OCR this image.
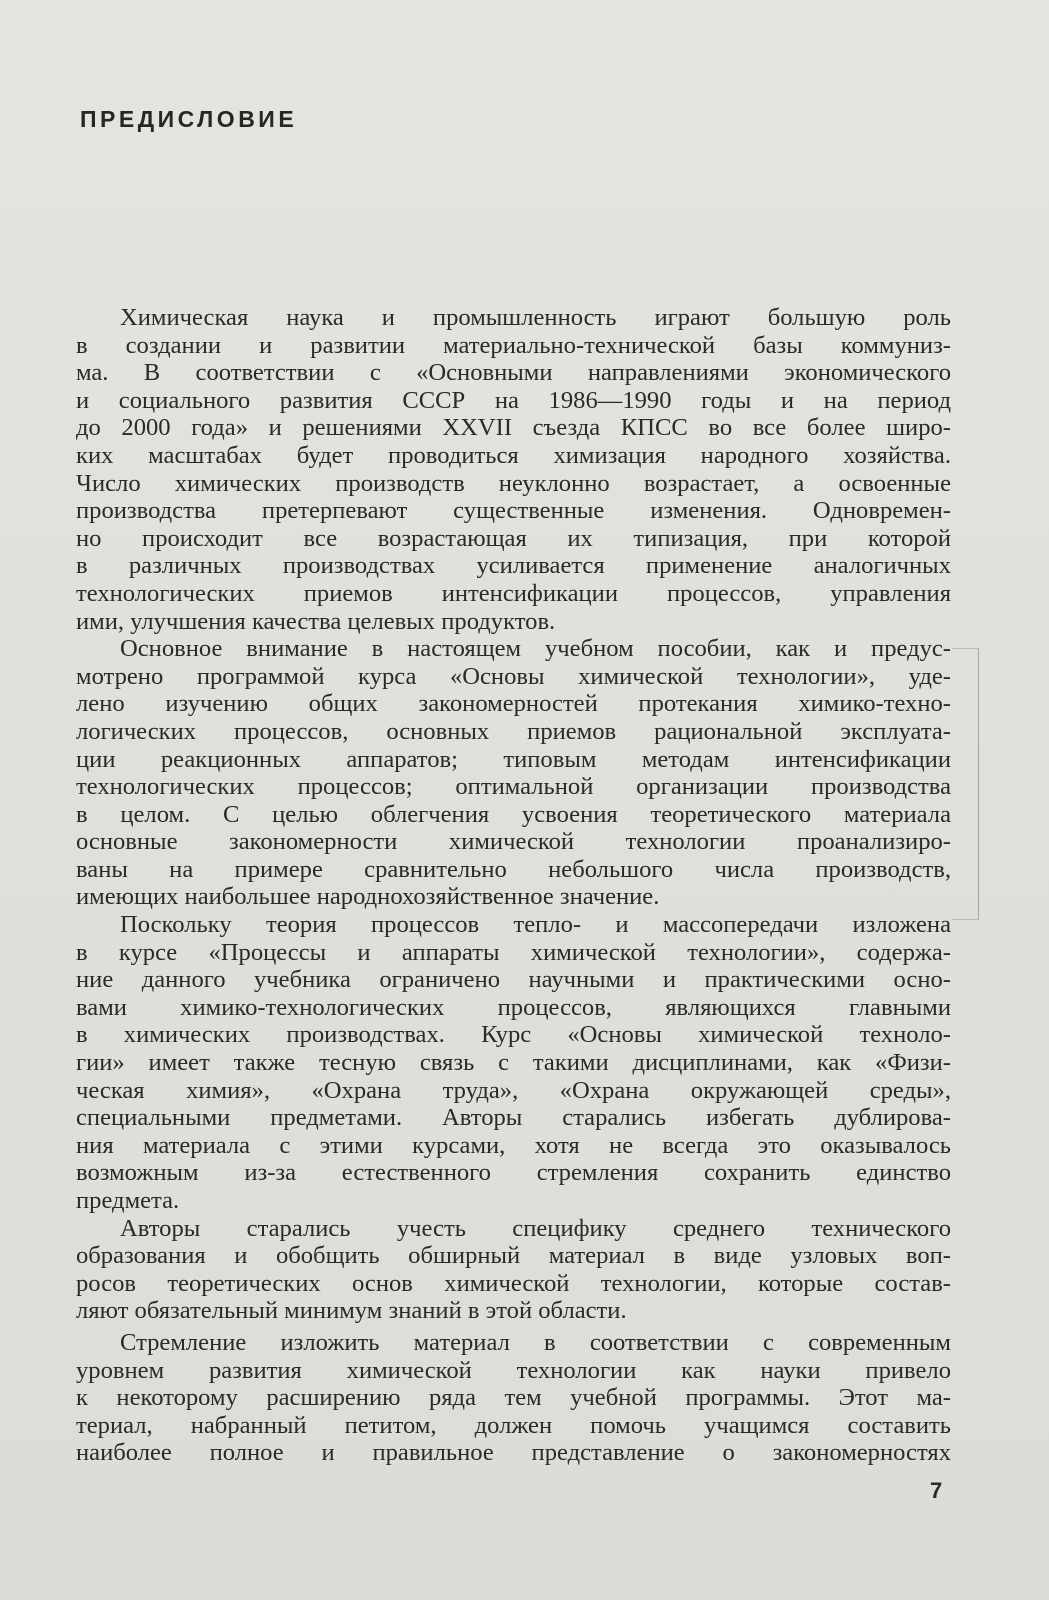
ПРЕДИСЛОВИЕ
​
Химическая наука и промышленность играют большую роль
в создании и развитии материально-технической базы коммуниз-
ма. В соответствии с «Основными направлениями экономического
и социального развития СССР на 1986—1990 годы и на период
до 2000 года» и решениями XXVII съезда КПСС во все более широ-
ких масштабах будет проводиться химизация народного хозяйства.
Число химических производств неуклонно возрастает, а освоенные
производства претерпевают существенные изменения. Одновремен-
но происходит все возрастающая их типизация, при которой
в различных производствах усиливается применение аналогичных
технологических приемов интенсификации процессов, управления
ими, улучшения качества целевых продуктов.
Основное внимание в настоящем учебном пособии, как и предус-
мотрено программой курса «Основы химической технологии», уде-
лено изучению общих закономерностей протекания химико-техно-
логических процессов, основных приемов рациональной эксплуата-
ции реакционных аппаратов; типовым методам интенсификации
технологических процессов; оптимальной организации производства
в целом. С целью облегчения усвоения теоретического материала
основные закономерности химической технологии проанализиро-
ваны на примере сравнительно небольшого числа производств,
имеющих наибольшее народнохозяйственное значение.
Поскольку теория процессов тепло- и массопередачи изложена
в курсе «Процессы и аппараты химической технологии», содержа-
ние данного учебника ограничено научными и практическими осно-
вами химико-технологических процессов, являющихся главными
в химических производствах. Курс «Основы химической техноло-
гии» имеет также тесную связь с такими дисциплинами, как «Физи-
ческая химия», «Охрана труда», «Охрана окружающей среды»,
специальными предметами. Авторы старались избегать дублирова-
ния материала с этими курсами, хотя не всегда это оказывалось
возможным из-за естественного стремления сохранить единство
предмета.
Авторы старались учесть специфику среднего технического
образования и обобщить обширный материал в виде узловых воп-
росов теоретических основ химической технологии, которые состав-
ляют обязательный минимум знаний в этой области.
Стремление изложить материал в соответствии с современным
уровнем развития химической технологии как науки привело
к некоторому расширению ряда тем учебной программы. Этот ма-
териал, набранный петитом, должен помочь учащимся составить
наиболее полное и правильное представление о закономерностях
7
